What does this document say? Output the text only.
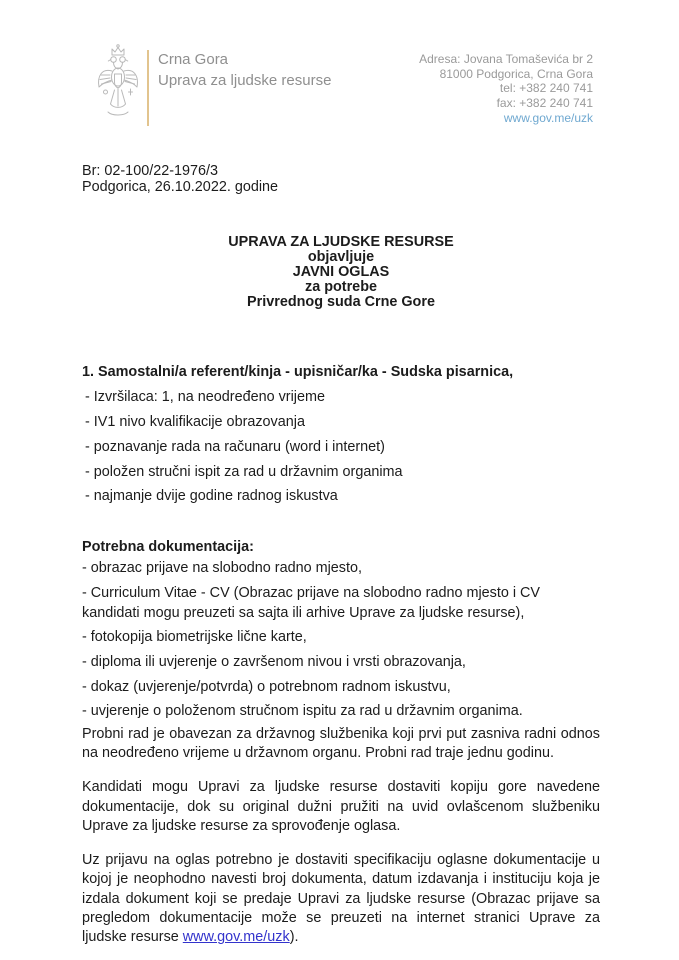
Crna Gora
Uprava za ljudske resurse
Adresa: Jovana Tomaševića br 2
81000 Podgorica, Crna Gora
tel: +382 240 741
fax: +382 240 741
www.gov.me/uzk
Br: 02-100/22-1976/3
Podgorica, 26.10.2022. godine
UPRAVA ZA LJUDSKE RESURSE
objavljuje
JAVNI OGLAS
za potrebe
Privrednog suda Crne Gore
1. Samostalni/a referent/kinja - upisničar/ka - Sudska pisarnica,
- Izvršilaca: 1, na neodređeno vrijeme
- IV1 nivo kvalifikacije obrazovanja
- poznavanje rada na računaru (word i internet)
- položen stručni ispit za rad u državnim organima
- najmanje dvije godine radnog iskustva
Potrebna dokumentacija:
- obrazac prijave na slobodno radno mjesto,
- Curriculum Vitae - CV (Obrazac prijave na slobodno radno mjesto i CV kandidati mogu preuzeti sa sajta ili arhive Uprave za ljudske resurse),
- fotokopija biometrijske lične karte,
- diploma ili uvjerenje o završenom nivou i vrsti obrazovanja,
- dokaz (uvjerenje/potvrda) o potrebnom radnom iskustvu,
- uvjerenje o položenom stručnom ispitu za rad u državnim organima.

Probni rad je obavezan za državnog službenika koji prvi put zasniva radni odnos na neodređeno vrijeme u državnom organu. Probni rad traje jednu godinu.

Kandidati mogu Upravi za ljudske resurse dostaviti kopiju gore navedene dokumentacije, dok su original dužni pružiti na uvid ovlašcenom službeniku Uprave za ljudske resurse za sprovođenje oglasa.

Uz prijavu na oglas potrebno je dostaviti specifikaciju oglasne dokumentacije u kojoj je neophodno navesti broj dokumenta, datum izdavanja i instituciju koja je izdala dokument koji se predaje Upravi za ljudske resurse (Obrazac prijave sa pregledom dokumentacije može se preuzeti na internet stranici Uprave za ljudske resurse www.gov.me/uzk).
